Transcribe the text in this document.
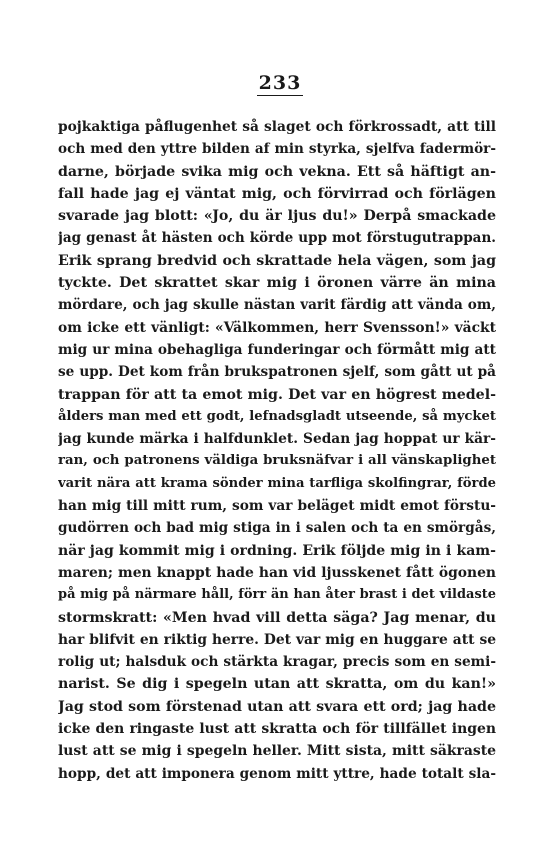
233
pojkaktiga påflugenhet så slaget och förkrossadt, att till
och med den yttre bilden af min styrka, sjelfva fadermör-
darne, började svika mig och vekna. Ett så häftigt an-
fall hade jag ej väntat mig, och förvirrad och förlägen
svarade jag blott: «Jo, du är ljus du!» Derpå smackade
jag genast åt hästen och körde upp mot förstugutrappan.
Erik sprang bredvid och skrattade hela vägen, som jag
tyckte. Det skrattet skar mig i öronen värre än mina
mördare, och jag skulle nästan varit färdig att vända om,
om icke ett vänligt: «Välkommen, herr Svensson!» väckt
mig ur mina obehagliga funderingar och förmått mig att
se upp. Det kom från brukspatronen sjelf, som gått ut på
trappan för att ta emot mig. Det var en högrest medel-
ålders man med ett godt, lefnadsgladt utseende, så mycket
jag kunde märka i halfdunklet. Sedan jag hoppat ur kär-
ran, och patronens väldiga bruksnäfvar i all vänskaplighet
varit nära att krama sönder mina tarfliga skolfingrar, förde
han mig till mitt rum, som var beläget midt emot förstu-
gudörren och bad mig stiga in i salen och ta en smörgås,
när jag kommit mig i ordning. Erik följde mig in i kam-
maren; men knappt hade han vid ljusskenet fått ögonen
på mig på närmare håll, förr än han åter brast i det vildaste
stormskratt: «Men hvad vill detta säga? Jag menar, du
har blifvit en riktig herre. Det var mig en huggare att se
rolig ut; halsduk och stärkta kragar, precis som en semi-
narist. Se dig i spegeln utan att skratta, om du kan!»
Jag stod som förstenad utan att svara ett ord; jag hade
icke den ringaste lust att skratta och för tillfället ingen
lust att se mig i spegeln heller. Mitt sista, mitt säkraste
hopp, det att imponera genom mitt yttre, hade totalt sla-
